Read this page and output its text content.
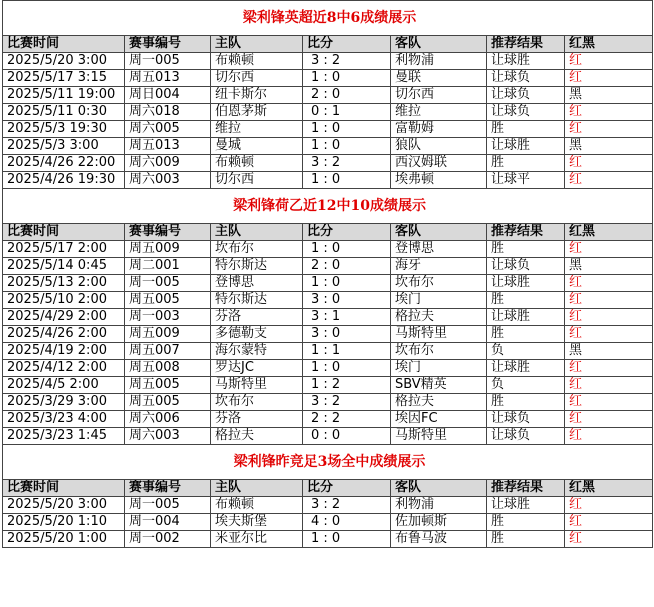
梁利锋英超近8中6成绩展示						
比赛时间	赛事编号	主队	比分	客队	推荐结果	红黑
2025/5/20 3:00	周一005	布赖顿	3 : 2	利物浦	让球胜	红
2025/5/17 3:15	周五013	切尔西	1 : 0	曼联	让球负	红
2025/5/11 19:00	周日004	纽卡斯尔	2 : 0	切尔西	让球负	黑
2025/5/11 0:30	周六018	伯恩茅斯	0 : 1	维拉	让球负	红
2025/5/3 19:30	周六005	维拉	1 : 0	富勒姆	胜	红
2025/5/3 3:00	周五013	曼城	1 : 0	狼队	让球胜	黑
2025/4/26 22:00	周六009	布赖顿	3 : 2	西汉姆联	胜	红
2025/4/26 19:30	周六003	切尔西	1 : 0	埃弗顿	让球平	红
梁利锋荷乙近12中10成绩展示						
比赛时间	赛事编号	主队	比分	客队	推荐结果	红黑
2025/5/17 2:00	周五009	坎布尔	1 : 0	登博思	胜	红
2025/5/14 0:45	周二001	特尔斯达	2 : 0	海牙	让球负	黑
2025/5/13 2:00	周一005	登博思	1 : 0	坎布尔	让球胜	红
2025/5/10 2:00	周五005	特尔斯达	3 : 0	埃门	胜	红
2025/4/29 2:00	周一003	芬洛	3 : 1	格拉夫	让球胜	红
2025/4/26 2:00	周五009	多德勒支	3 : 0	马斯特里	胜	红
2025/4/19 2:00	周五007	海尔蒙特	1 : 1	坎布尔	负	黑
2025/4/12 2:00	周五008	罗达JC	1 : 0	埃门	让球胜	红
2025/4/5 2:00	周五005	马斯特里	1 : 2	SBV精英	负	红
2025/3/29 3:00	周五005	坎布尔	3 : 2	格拉夫	胜	红
2025/3/23 4:00	周六006	芬洛	2 : 2	埃因FC	让球负	红
2025/3/23 1:45	周六003	格拉夫	0 : 0	马斯特里	让球负	红
梁利锋昨竞足3场全中成绩展示						
比赛时间	赛事编号	主队	比分	客队	推荐结果	红黑
2025/5/20 3:00	周一005	布赖顿	3 : 2	利物浦	让球胜	红
2025/5/20 1:10	周一004	埃夫斯堡	4 : 0	佐加顿斯	胜	红
2025/5/20 1:00	周一002	米亚尔比	1 : 0	布鲁马波	胜	红
